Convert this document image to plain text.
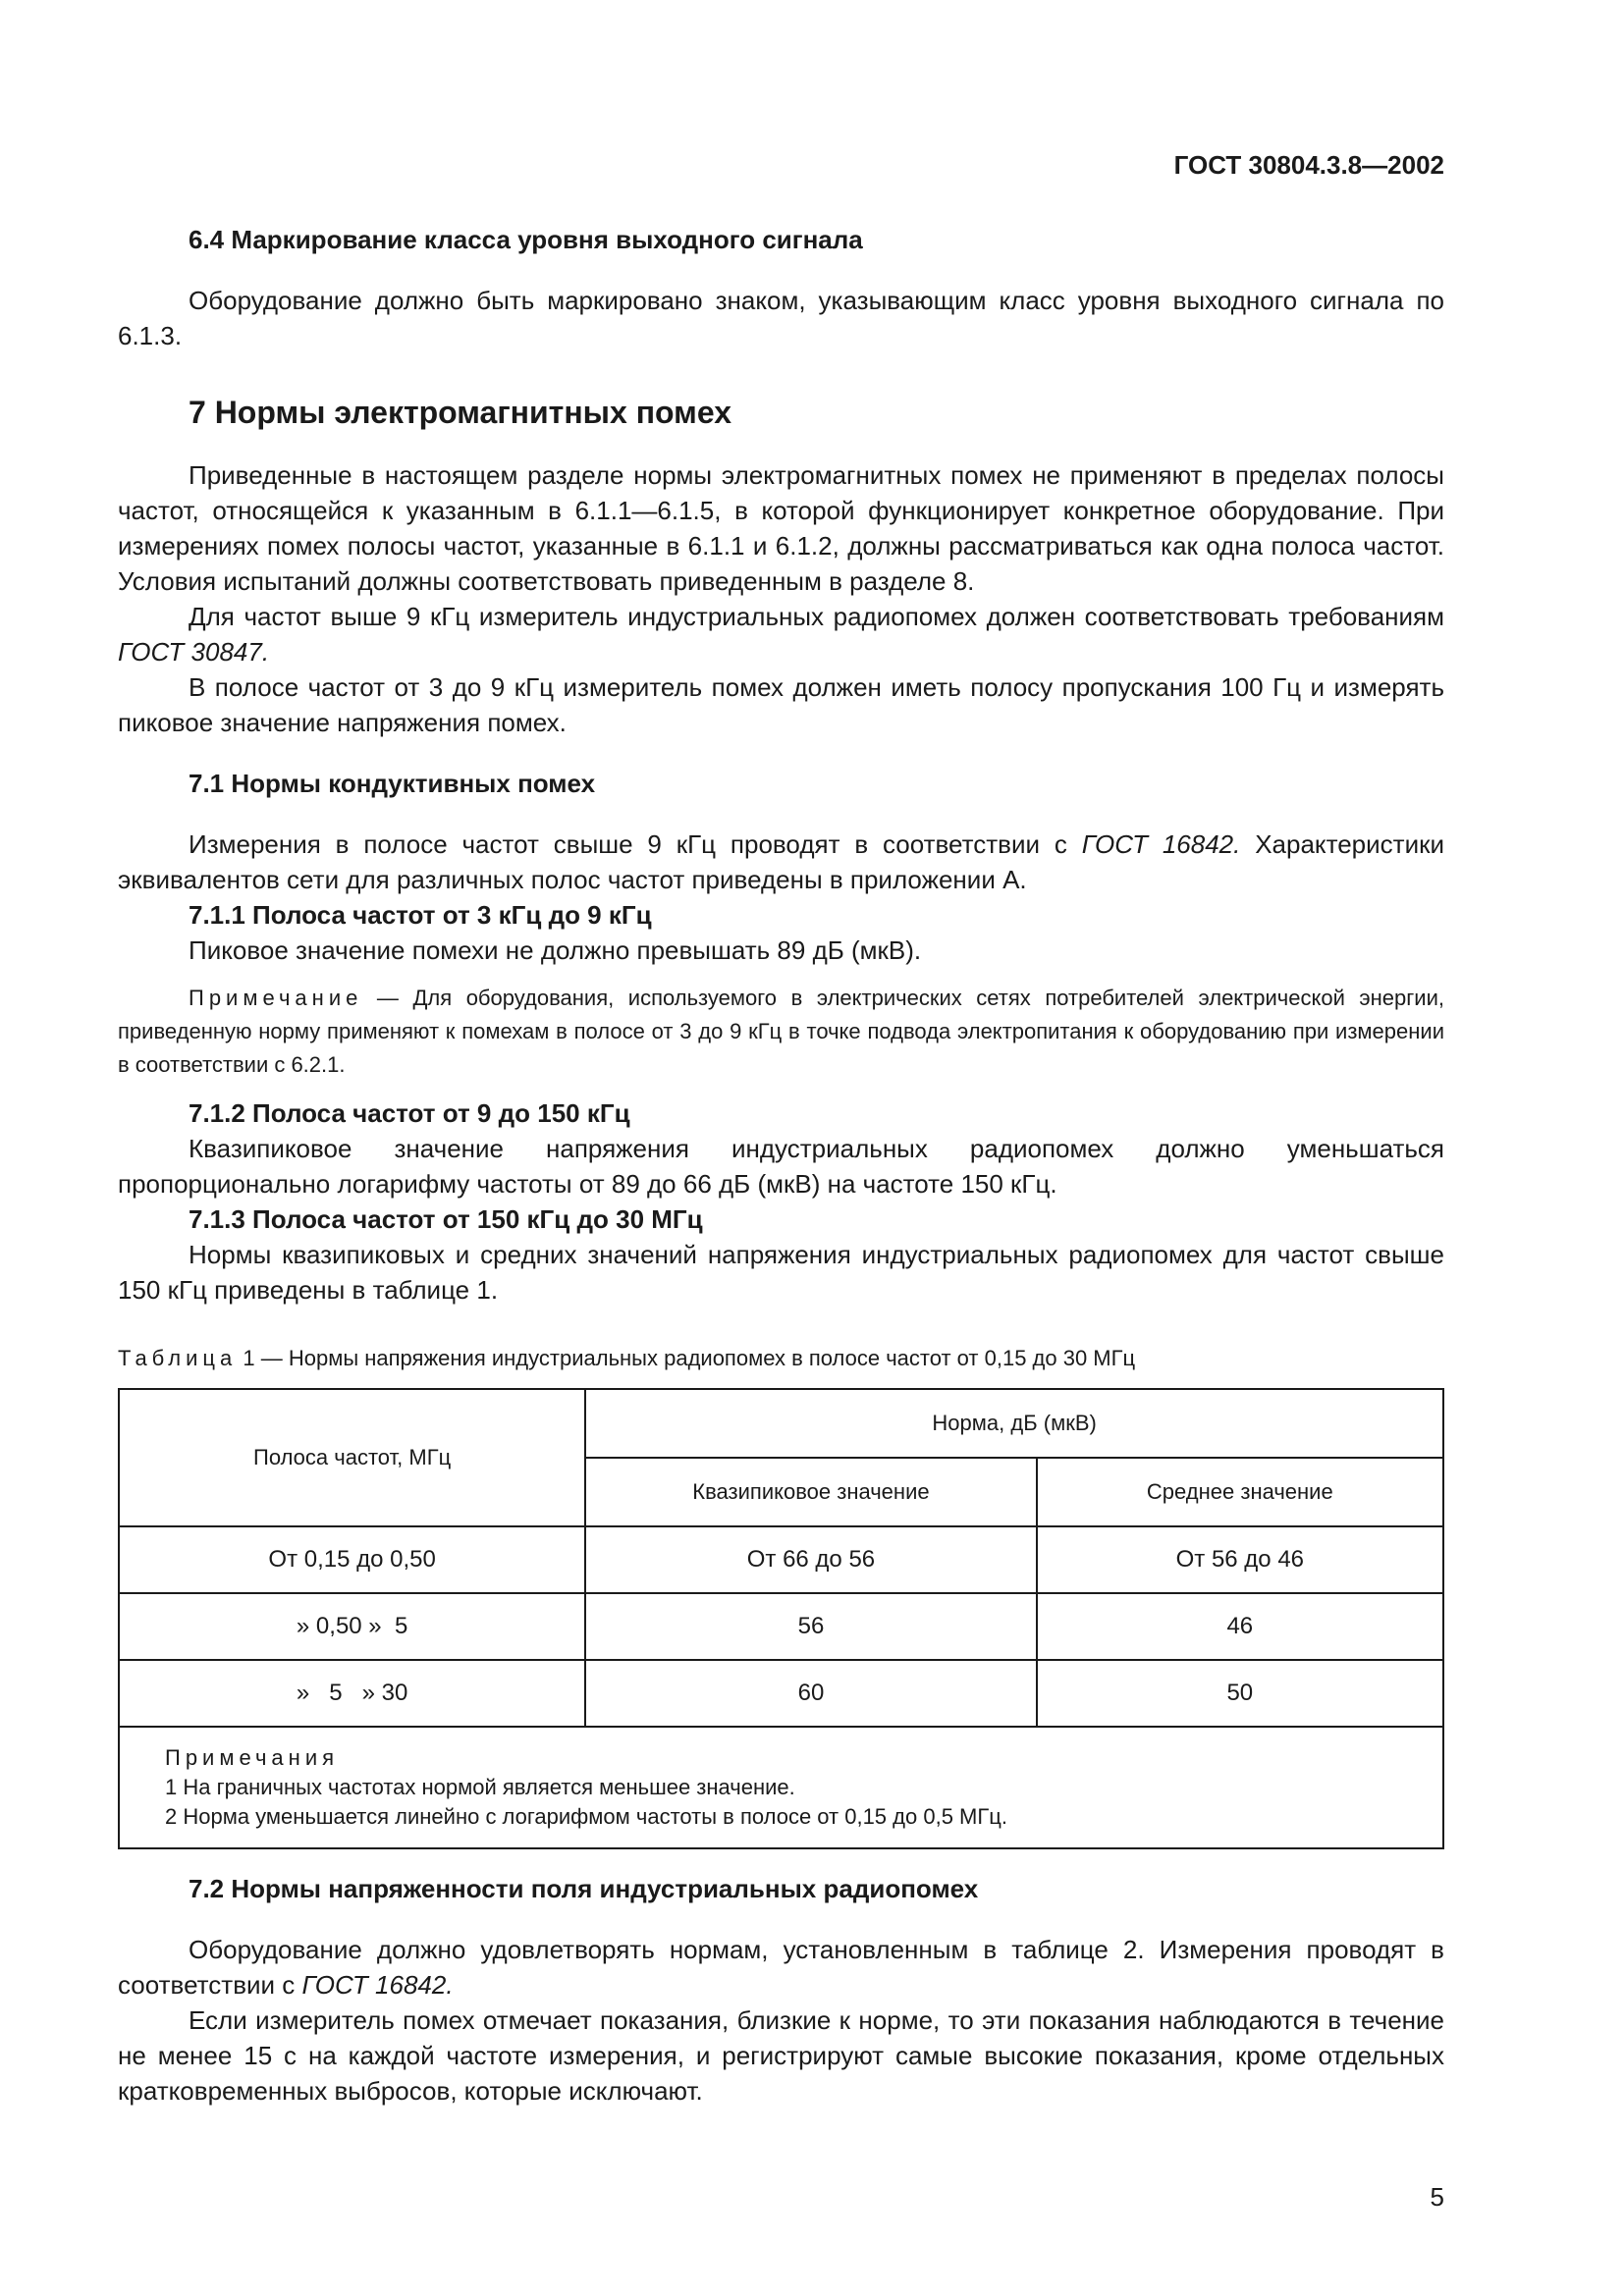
ГОСТ 30804.3.8—2002

6.4 Маркирование класса уровня выходного сигнала

Оборудование должно быть маркировано знаком, указывающим класс уровня выходного сигнала по 6.1.3.

7 Нормы электромагнитных помех

Приведенные в настоящем разделе нормы электромагнитных помех не применяют в пределах полосы частот, относящейся к указанным в 6.1.1—6.1.5, в которой функционирует конкретное оборудование. При измерениях помех полосы частот, указанные в 6.1.1 и 6.1.2, должны рассматриваться как одна полоса частот. Условия испытаний должны соответствовать приведенным в разделе 8.

Для частот выше 9 кГц измеритель индустриальных радиопомех должен соответствовать требованиям ГОСТ 30847.

В полосе частот от 3 до 9 кГц измеритель помех должен иметь полосу пропускания 100 Гц и измерять пиковое значение напряжения помех.

7.1 Нормы кондуктивных помех

Измерения в полосе частот свыше 9 кГц проводят в соответствии с ГОСТ 16842. Характеристики эквивалентов сети для различных полос частот приведены в приложении А.

7.1.1 Полоса частот от 3 кГц до 9 кГц

Пиковое значение помехи не должно превышать 89 дБ (мкВ).

Примечание — Для оборудования, используемого в электрических сетях потребителей электрической энергии, приведенную норму применяют к помехам в полосе от 3 до 9 кГц в точке подвода электропитания к оборудованию при измерении в соответствии с 6.2.1.

7.1.2 Полоса частот от 9 до 150 кГц

Квазипиковое значение напряжения индустриальных радиопомех должно уменьшаться пропорционально логарифму частоты от 89 до 66 дБ (мкВ) на частоте 150 кГц.

7.1.3 Полоса частот от 150 кГц до 30 МГц

Нормы квазипиковых и средних значений напряжения индустриальных радиопомех для частот свыше 150 кГц приведены в таблице 1.

Таблица 1 — Нормы напряжения индустриальных радиопомех в полосе частот от 0,15 до 30 МГц

Полоса частот, МГц	Норма, дБ (мкВ)	
	Квазипиковое значение	Среднее значение
От 0,15 до 0,50	От 66 до 56	От 56 до 46
» 0,50 »  5	56	46
»   5   » 30	60	50

Примечания
1 На граничных частотах нормой является меньшее значение.
2 Норма уменьшается линейно с логарифмом частоты в полосе от 0,15 до 0,5 МГц.		

7.2 Нормы напряженности поля индустриальных радиопомех

Оборудование должно удовлетворять нормам, установленным в таблице 2. Измерения проводят в соответствии с ГОСТ 16842.

Если измеритель помех отмечает показания, близкие к норме, то эти показания наблюдаются в течение не менее 15 с на каждой частоте измерения, и регистрируют самые высокие показания, кроме отдельных кратковременных выбросов, которые исключают.

5
